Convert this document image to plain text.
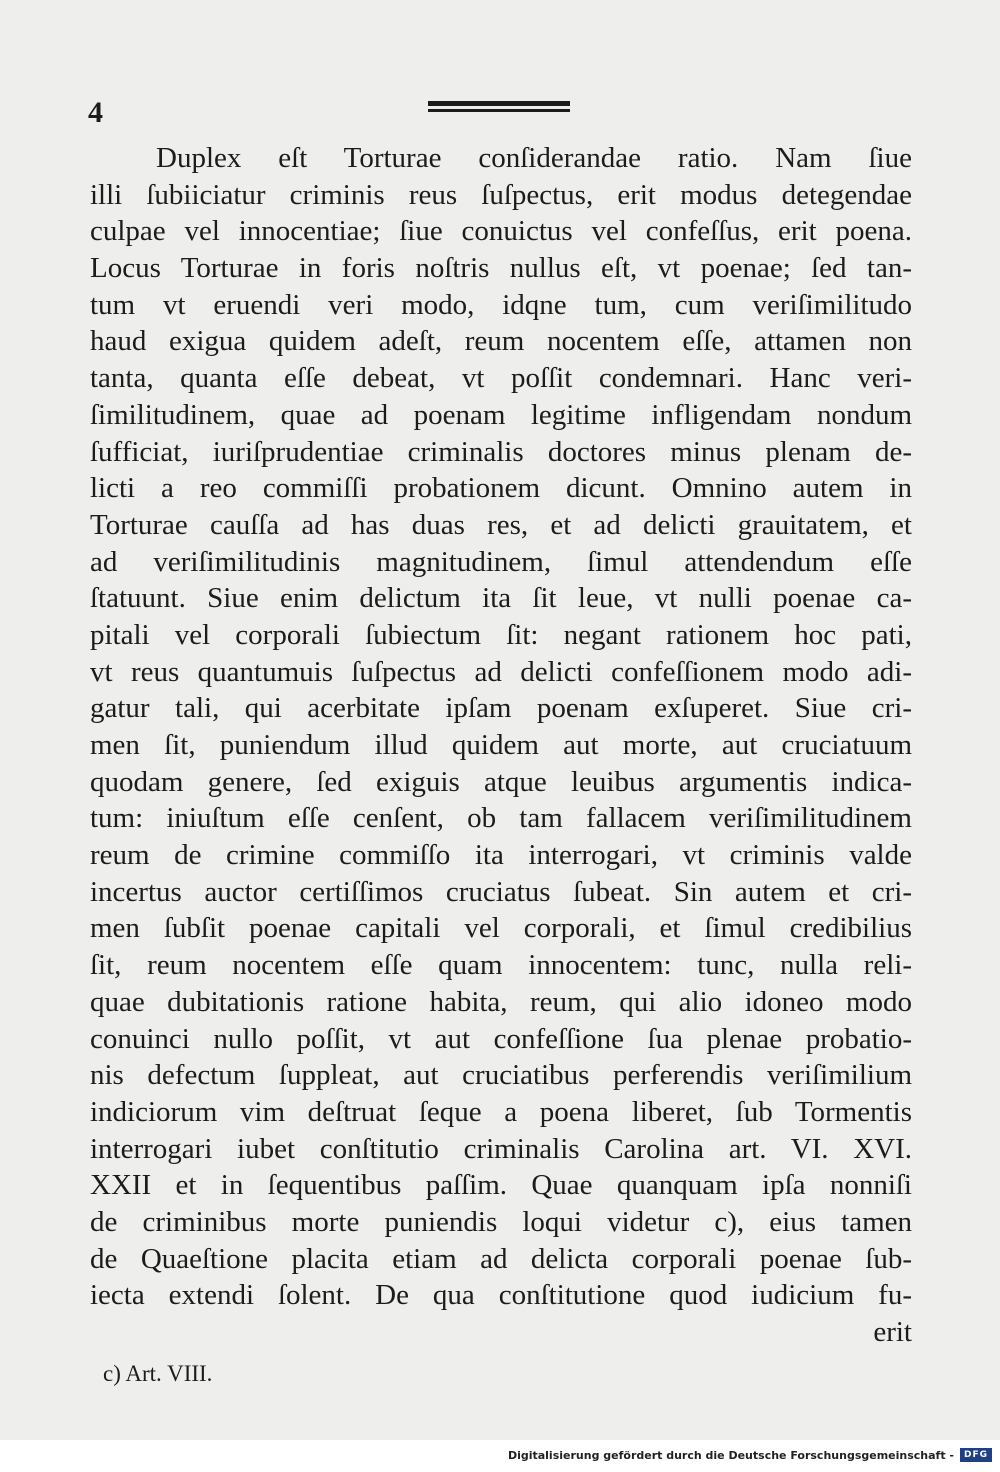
4
Duplex eſt Torturae conſiderandae ratio. Nam ſiue
illi ſubiiciatur criminis reus ſuſpectus, erit modus detegendae
culpae vel innocentiae; ſiue conuictus vel confeſſus, erit poena.
Locus Torturae in foris noſtris nullus eſt, vt poenae; ſed tan-
tum vt eruendi veri modo, idqne tum, cum veriſimilitudo
haud exigua quidem adeſt, reum nocentem eſſe, attamen non
tanta, quanta eſſe debeat, vt poſſit condemnari. Hanc veri-
ſimilitudinem, quae ad poenam legitime infligendam nondum
ſufficiat, iuriſprudentiae criminalis doctores minus plenam de-
licti a reo commiſſi probationem dicunt. Omnino autem in
Torturae cauſſa ad has duas res, et ad delicti grauitatem, et
ad veriſimilitudinis magnitudinem, ſimul attendendum eſſe
ſtatuunt. Siue enim delictum ita ſit leue, vt nulli poenae ca-
pitali vel corporali ſubiectum ſit: negant rationem hoc pati,
vt reus quantumuis ſuſpectus ad delicti confeſſionem modo adi-
gatur tali, qui acerbitate ipſam poenam exſuperet. Siue cri-
men ſit, puniendum illud quidem aut morte, aut cruciatuum
quodam genere, ſed exiguis atque leuibus argumentis indica-
tum: iniuſtum eſſe cenſent, ob tam fallacem veriſimilitudinem
reum de crimine commiſſo ita interrogari, vt criminis valde
incertus auctor certiſſimos cruciatus ſubeat. Sin autem et cri-
men ſubſit poenae capitali vel corporali, et ſimul credibilius
ſit, reum nocentem eſſe quam innocentem: tunc, nulla reli-
quae dubitationis ratione habita, reum, qui alio idoneo modo
conuinci nullo poſſit, vt aut confeſſione ſua plenae probatio-
nis defectum ſuppleat, aut cruciatibus perferendis veriſimilium
indiciorum vim deſtruat ſeque a poena liberet, ſub Tormentis
interrogari iubet conſtitutio criminalis Carolina art. VI. XVI.
XXII et in ſequentibus paſſim. Quae quanquam ipſa nonniſi
de criminibus morte puniendis loqui videtur c), eius tamen
de Quaeſtione placita etiam ad delicta corporali poenae ſub-
iecta extendi ſolent. De qua conſtitutione quod iudicium fu-
erit
c) Art. VIII.
Digitalisierung gefördert durch die Deutsche Forschungsgemeinschaft -	DFG
